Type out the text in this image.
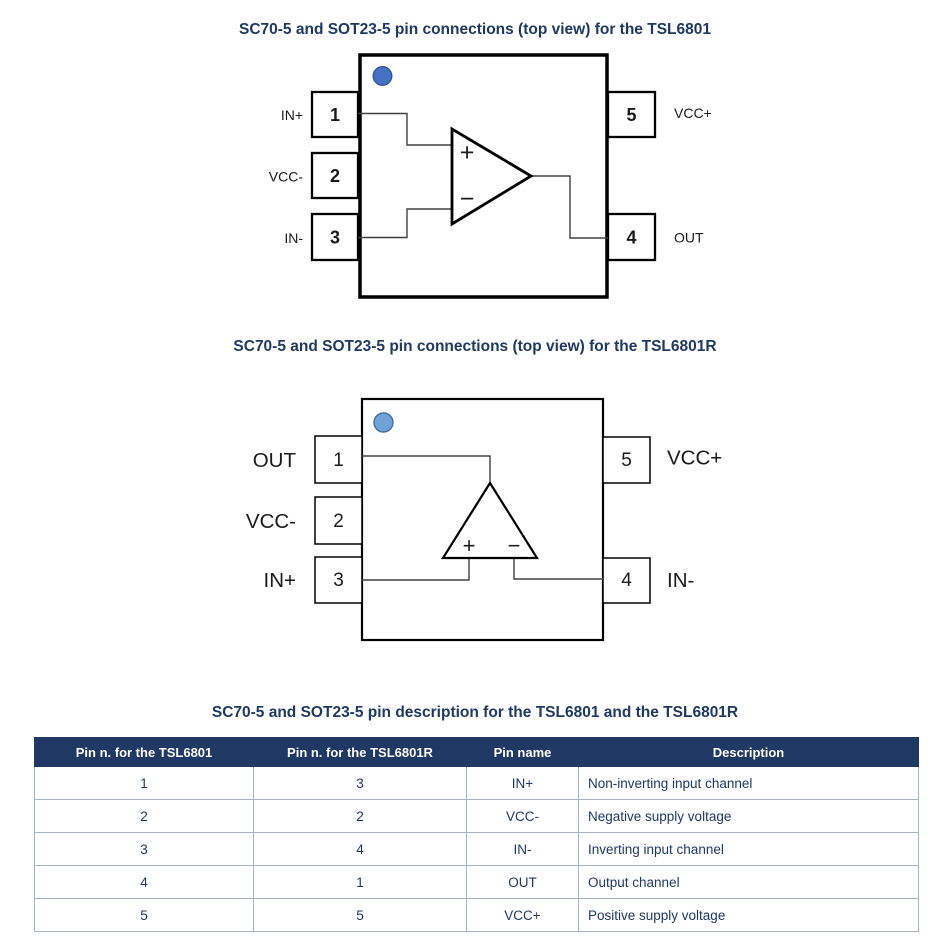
SC70-5 and SOT23-5 pin connections (top view) for the TSL6801
+
−
1
2
3
5
4
IN+
VCC-
IN-
VCC+
OUT
SC70-5 and SOT23-5 pin connections (top view) for the TSL6801R
+ −
1
2
3
5
4
OUT
VCC-
IN+
VCC+
IN-
SC70-5 and SOT23-5 pin description for the TSL6801 and the TSL6801R
Pin n. for the TSL6801	Pin n. for the TSL6801R	Pin name	Description
1	3	IN+	Non-inverting input channel
2	2	VCC-	Negative supply voltage
3	4	IN-	Inverting input channel
4	1	OUT	Output channel
5	5	VCC+	Positive supply voltage
